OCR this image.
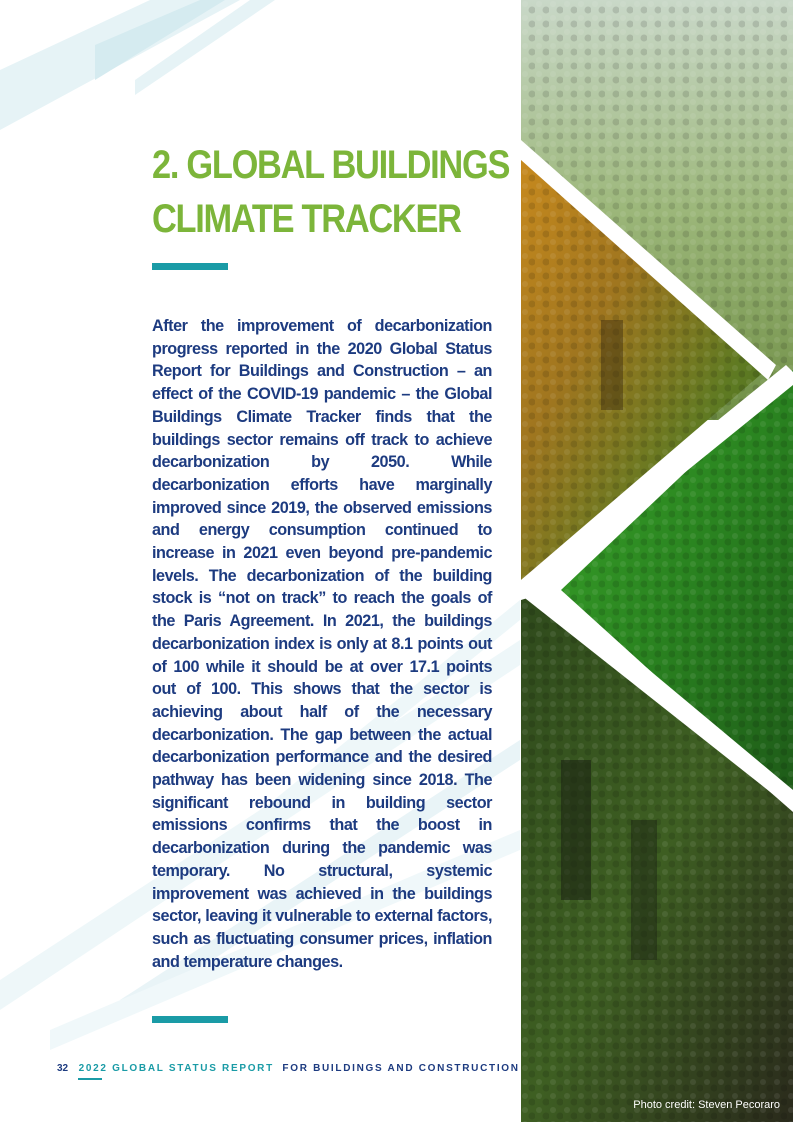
2. GLOBAL BUILDINGS
CLIMATE TRACKER

After the improvement of decarbonization progress reported in the 2020 Global Status Report for Buildings and Construction – an effect of the COVID-19 pandemic – the Global Buildings Climate Tracker finds that the buildings sector remains off track to achieve decarbonization by 2050. While decarbonization efforts have marginally improved since 2019, the observed emissions and energy consumption continued to increase in 2021 even beyond pre-pandemic levels. The decarbonization of the building stock is “not on track” to reach the goals of the Paris Agreement. In 2021, the buildings decarbonization index is only at 8.1 points out of 100 while it should be at over 17.1 points out of 100. This shows that the sector is achieving about half of the necessary decarbonization. The gap between the actual decarbonization performance and the desired pathway has been widening since 2018. The significant rebound in building sector emissions confirms that the boost in decarbonization during the pandemic was temporary. No structural, systemic improvement was achieved in the buildings sector, leaving it vulnerable to external factors, such as fluctuating consumer prices, inflation and temperature changes.

32 2022 GLOBAL STATUS REPORT FOR BUILDINGS AND CONSTRUCTION
Photo credit: Steven Pecoraro
